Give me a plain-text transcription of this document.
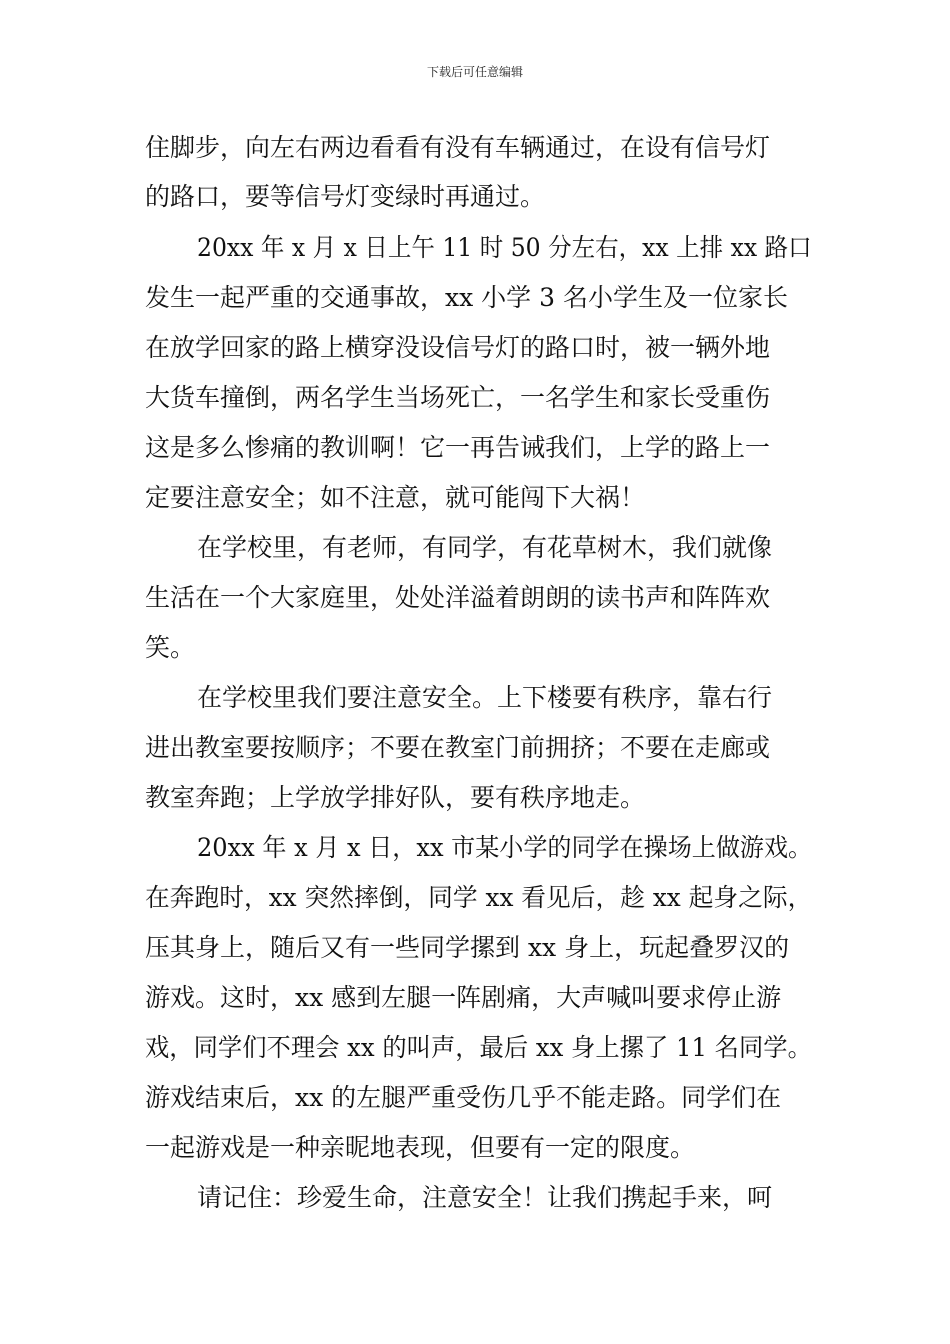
下载后可任意编辑
住脚步，向左右两边看看有没有车辆通过，在设有信号灯
的路口，要等信号灯变绿时再通过。
20xx 年 x 月 x 日上午 11 时 50 分左右，xx 上排 xx 路口
发生一起严重的交通事故，xx 小学 3 名小学生及一位家长
在放学回家的路上横穿没设信号灯的路口时，被一辆外地
大货车撞倒，两名学生当场死亡，一名学生和家长受重伤
这是多么惨痛的教训啊！它一再告诫我们，上学的路上一
定要注意安全；如不注意，就可能闯下大祸！
在学校里，有老师，有同学，有花草树木，我们就像
生活在一个大家庭里，处处洋溢着朗朗的读书声和阵阵欢
笑。
在学校里我们要注意安全。上下楼要有秩序，靠右行
进出教室要按顺序；不要在教室门前拥挤；不要在走廊或
教室奔跑；上学放学排好队，要有秩序地走。
20xx 年 x 月 x 日，xx 市某小学的同学在操场上做游戏。
在奔跑时，xx 突然摔倒，同学 xx 看见后，趁 xx 起身之际，
压其身上，随后又有一些同学摞到 xx 身上，玩起叠罗汉的
游戏。这时，xx 感到左腿一阵剧痛，大声喊叫要求停止游
戏，同学们不理会 xx 的叫声，最后 xx 身上摞了 11 名同学。
游戏结束后，xx 的左腿严重受伤几乎不能走路。同学们在
一起游戏是一种亲昵地表现，但要有一定的限度。
请记住：珍爱生命，注意安全！让我们携起手来，呵
